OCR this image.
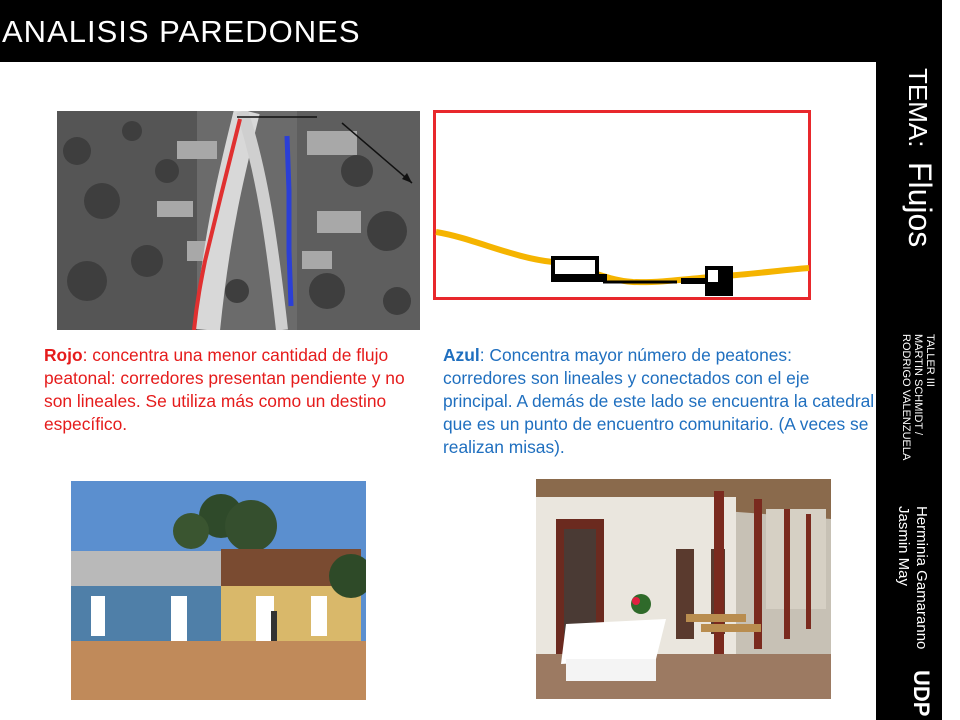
ANALISIS PAREDONES
TEMA:  Flujos
TALLER III
MARTIN SCHMIDT /
RODRIGO VALENZUELA
Herminia Gamaranno
Jasmin May
UDP
Rojo: concentra una menor cantidad de flujo peatonal: corredores presentan pendiente y no son lineales. Se utiliza más como un destino específico.
Azul: Concentra mayor número de peatones: corredores son lineales y conectados con el eje principal. A demás de este lado se encuentra la catedral que es un punto de encuentro comunitario. (A veces se realizan misas).
